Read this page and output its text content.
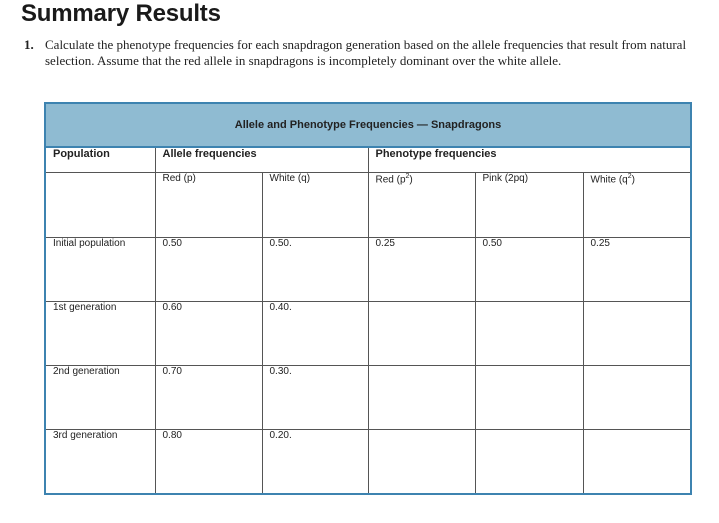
Summary Results
1. Calculate the phenotype frequencies for each snapdragon generation based on the allele frequencies that result from natural selection. Assume that the red allele in snapdragons is incompletely dominant over the white allele.
Allele and Phenotype Frequencies — Snapdragons					
Population	Allele frequencies		Phenotype frequencies		
	Red (p)	White (q)	Red $(p^2)$	Pink (2pq)	White $(q^2)$
Initial population	0.50	0.50.	0.25	0.50	0.25
1st generation	0.60	0.40.			
2nd generation	0.70	0.30.			
3rd generation	0.80	0.20.			
